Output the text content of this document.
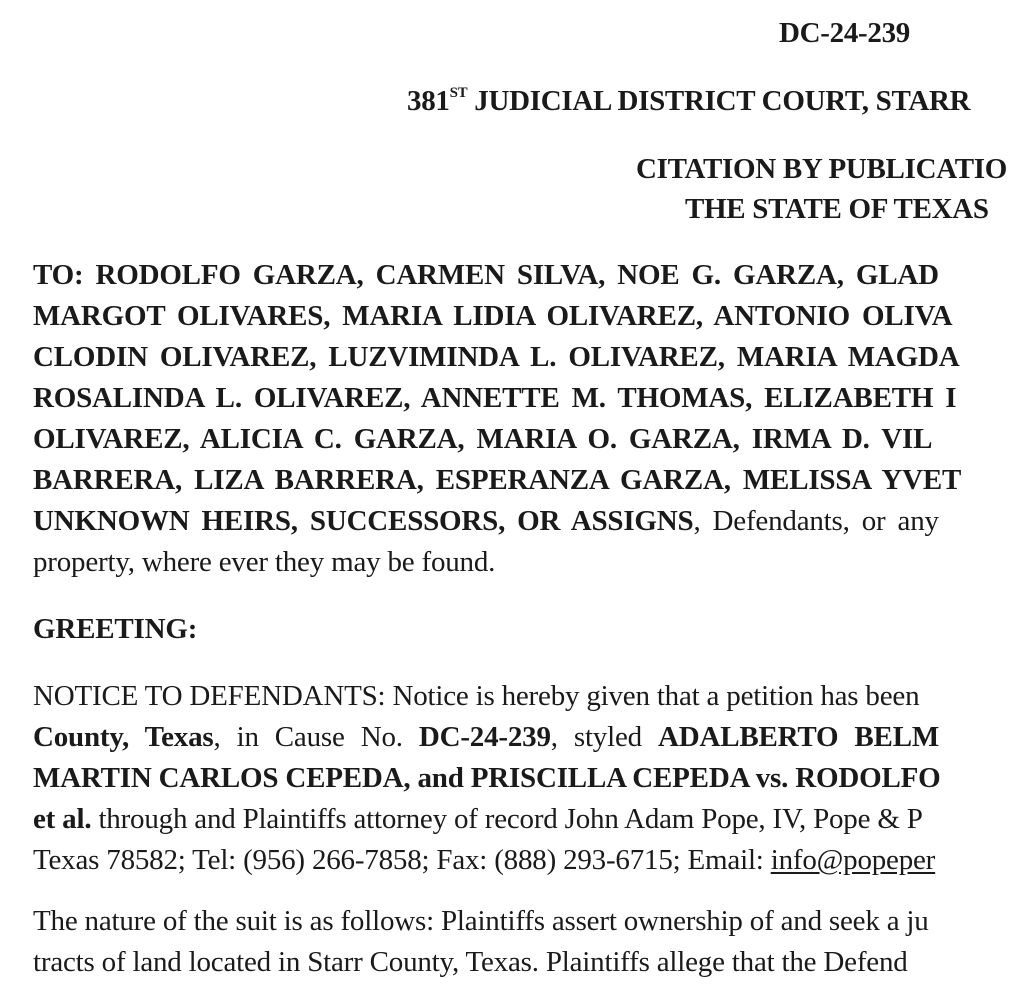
DC-24-239
381ST JUDICIAL DISTRICT COURT, STARR
CITATION BY PUBLICATIO
THE STATE OF TEXAS
TO: RODOLFO GARZA, CARMEN SILVA, NOE G. GARZA, GLAD
MARGOT OLIVARES, MARIA LIDIA OLIVAREZ, ANTONIO OLIVA
CLODIN OLIVAREZ, LUZVIMINDA L. OLIVAREZ, MARIA MAGDA
ROSALINDA L. OLIVAREZ, ANNETTE M. THOMAS, ELIZABETH I
OLIVAREZ, ALICIA C. GARZA, MARIA O. GARZA, IRMA D. VIL
BARRERA, LIZA BARRERA, ESPERANZA GARZA, MELISSA YVET
UNKNOWN HEIRS, SUCCESSORS, OR ASSIGNS, Defendants, or any
property, where ever they may be found.
GREETING:
NOTICE TO DEFENDANTS: Notice is hereby given that a petition has been
County, Texas, in Cause No. DC-24-239, styled ADALBERTO BELM
MARTIN CARLOS CEPEDA, and PRISCILLA CEPEDA vs. RODOLFO
et al. through and Plaintiffs attorney of record John Adam Pope, IV, Pope & P
Texas 78582; Tel: (956) 266-7858; Fax: (888) 293-6715; Email: info@popeper
The nature of the suit is as follows: Plaintiffs assert ownership of and seek a ju
tracts of land located in Starr County, Texas. Plaintiffs allege that the Defend
